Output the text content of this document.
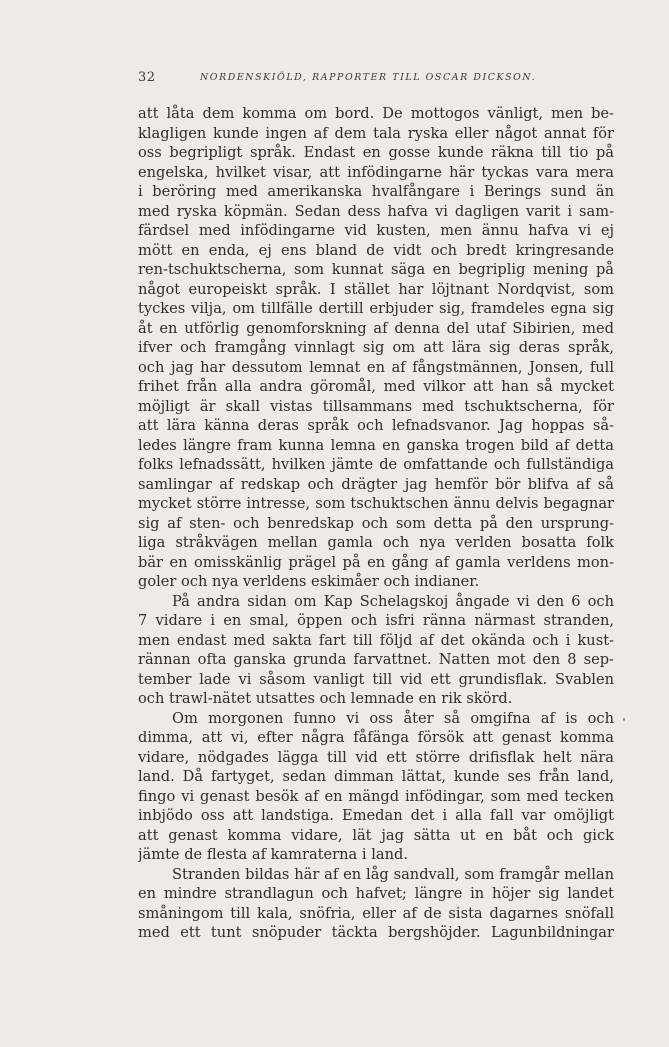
32	NORDENSKIÖLD, RAPPORTER TILL OSCAR DICKSON.
att låta dem komma om bord. De mottogos vänligt, men be-
klagligen kunde ingen af dem tala ryska eller något annat för
oss begripligt språk. Endast en gosse kunde räkna till tio på
engelska, hvilket visar, att infödingarne här tyckas vara mera
i beröring med amerikanska hvalfångare i Berings sund än
med ryska köpmän. Sedan dess hafva vi dagligen varit i sam-
färdsel med infödingarne vid kusten, men ännu hafva vi ej
mött en enda, ej ens bland de vidt och bredt kringresande
ren-tschuktscherna, som kunnat säga en begriplig mening på
något europeiskt språk. I stället har löjtnant Nordqvist, som
tyckes vilja, om tillfälle dertill erbjuder sig, framdeles egna sig
åt en utförlig genomforskning af denna del utaf Sibirien, med
ifver och framgång vinnlagt sig om att lära sig deras språk,
och jag har dessutom lemnat en af fångstmännen, Jonsen, full
frihet från alla andra göromål, med vilkor att han så mycket
möjligt är skall vistas tillsammans med tschuktscherna, för
att lära känna deras språk och lefnadsvanor. Jag hoppas så-
ledes längre fram kunna lemna en ganska trogen bild af detta
folks lefnadssätt, hvilken jämte de omfattande och fullständiga
samlingar af redskap och drägter jag hemför bör blifva af så
mycket större intresse, som tschuktschen ännu delvis begagnar
sig af sten- och benredskap och som detta på den ursprung-
liga stråkvägen mellan gamla och nya verlden bosatta folk
bär en omisskänlig prägel på en gång af gamla verldens mon-
goler och nya verldens eskimåer och indianer.
På andra sidan om Kap Schelagskoj ångade vi den 6 och
7 vidare i en smal, öppen och isfri ränna närmast stranden,
men endast med sakta fart till följd af det okända och i kust-
rännan ofta ganska grunda farvattnet. Natten mot den 8 sep-
tember lade vi såsom vanligt till vid ett grundisflak. Svablen
och trawl-nätet utsattes och lemnade en rik skörd.
Om morgonen funno vi oss åter så omgifna af is och
dimma, att vi, efter några fåfänga försök att genast komma
vidare, nödgades lägga till vid ett större drifisflak helt nära
land. Då fartyget, sedan dimman lättat, kunde ses från land,
fingo vi genast besök af en mängd infödingar, som med tecken
inbjödo oss att landstiga. Emedan det i alla fall var omöjligt
att genast komma vidare, lät jag sätta ut en båt och gick
jämte de flesta af kamraterna i land.
Stranden bildas här af en låg sandvall, som framgår mellan
en mindre strandlagun och hafvet; längre in höjer sig landet
småningom till kala, snöfria, eller af de sista dagarnes snöfall
med ett tunt snöpuder täckta bergshöjder. Lagunbildningar
